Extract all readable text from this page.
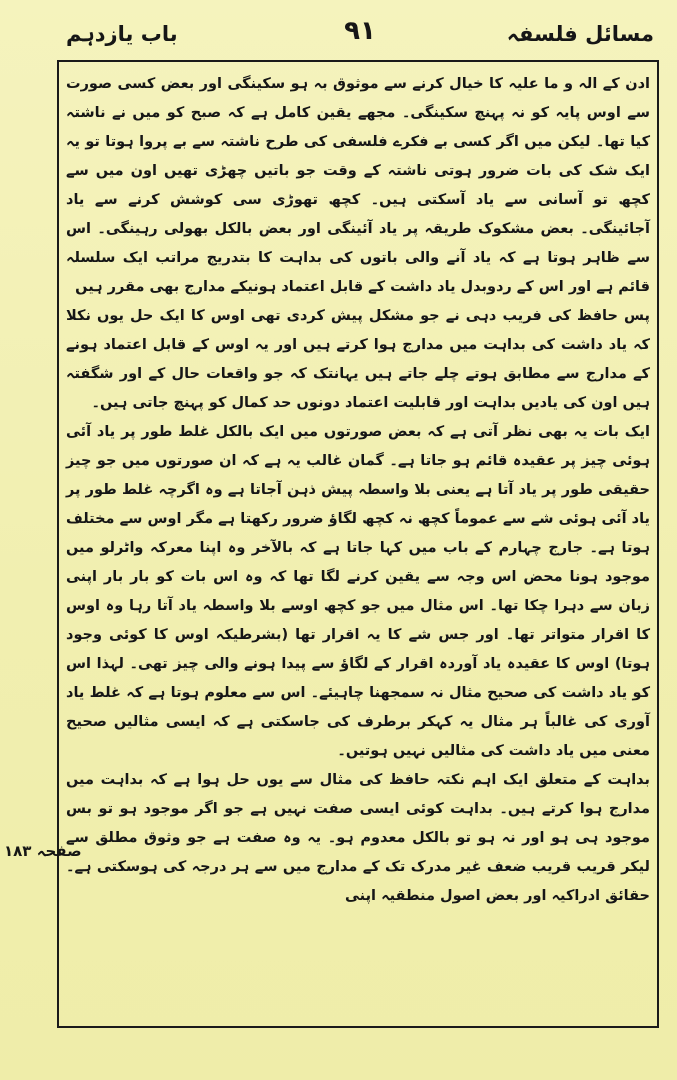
مسائل فلسفہ
۹۱
باب یازدہم

ادن کے الہ و ما علیہ کا خیال کرنے سے موثوق بہ ہو سکینگی اور بعض کسی صورت سے اوس پایہ کو نہ پہنچ سکینگی۔ مجھے یقین کامل ہے کہ صبح کو میں نے ناشتہ کیا تھا۔ لیکن میں اگر کسی بے فکرے فلسفی کی طرح ناشتہ سے بے پروا ہوتا تو یہ ایک شک کی بات ضرور ہوتی ناشتہ کے وقت جو باتیں چھڑی تھیں اون میں سے کچھ تو آسانی سے یاد آسکتی ہیں۔ کچھ تھوڑی سی کوشش کرنے سے یاد آجائینگی۔ بعض مشکوک طریقہ پر یاد آئینگی اور بعض بالکل بھولی رہینگی۔ اس سے ظاہر ہوتا ہے کہ یاد آنے والی باتوں کی بداہت کا بتدریج مراتب ایک سلسلہ قائم ہے اور اس کے ردوبدل یاد داشت کے قابل اعتماد ہونیکے مدارج بھی مقرر ہیں

پس حافظ کی فریب دہی نے جو مشکل پیش کردی تھی اوس کا ایک حل یوں نکلا کہ یاد داشت کی بداہت میں مدارج ہوا کرتے ہیں اور یہ اوس کے قابل اعتماد ہونے کے مدارج سے مطابق ہوتے چلے جاتے ہیں یہانتک کہ جو واقعات حال کے اور شگفتہ ہیں اون کی یادیں بداہت اور قابلیت اعتماد دونوں حد کمال کو پہنچ جاتی ہیں۔

ایک بات یہ بھی نظر آتی ہے کہ بعض صورتوں میں ایک بالکل غلط طور پر یاد آئی ہوئی چیز پر عقیدہ قائم ہو جاتا ہے۔ گمان غالب یہ ہے کہ ان صورتوں میں جو چیز حقیقی طور پر یاد آتا ہے یعنی بلا واسطہ پیش ذہن آجاتا ہے وہ اگرچہ غلط طور پر یاد آئی ہوئی شے سے عموماً کچھ نہ کچھ لگاؤ ضرور رکھتا ہے مگر اوس سے مختلف ہوتا ہے۔ جارج چہارم کے باب میں کہا جاتا ہے کہ بالآخر وہ اپنا معرکہ واٹرلو میں موجود ہونا محض اس وجہ سے یقین کرنے لگا تھا کہ وہ اس بات کو بار بار اپنی زبان سے دہرا چکا تھا۔ اس مثال میں جو کچھ اوسے بلا واسطہ یاد آتا رہا وہ اوس کا اقرار متواتر تھا۔ اور جس شے کا یہ اقرار تھا (بشرطیکہ اوس کا کوئی وجود ہوتا) اوس کا عقیدہ یاد آوردہ اقرار کے لگاؤ سے پیدا ہونے والی چیز تھی۔ لہذا اس کو یاد داشت کی صحیح مثال نہ سمجھنا چاہیئے۔ اس سے معلوم ہوتا ہے کہ غلط یاد آوری کی غالباً ہر مثال یہ کہکر برطرف کی جاسکتی ہے کہ ایسی مثالیں صحیح معنی میں یاد داشت کی مثالیں نہیں ہوتیں۔

بداہت کے متعلق ایک اہم نکتہ حافظ کی مثال سے یوں حل ہوا ہے کہ بداہت میں مدارج ہوا کرتے ہیں۔ بداہت کوئی ایسی صفت نہیں ہے جو اگر موجود ہو تو بس موجود ہی ہو اور نہ ہو تو بالکل معدوم ہو۔ یہ وہ صفت ہے جو وثوق مطلق سے لیکر قریب قریب ضعف غیر مدرک تک کے مدارج میں سے ہر درجہ کی ہوسکتی ہے۔ حقائق ادراکیہ اور بعض اصول منطقیہ اپنی

صفحہ ۱۸۳
